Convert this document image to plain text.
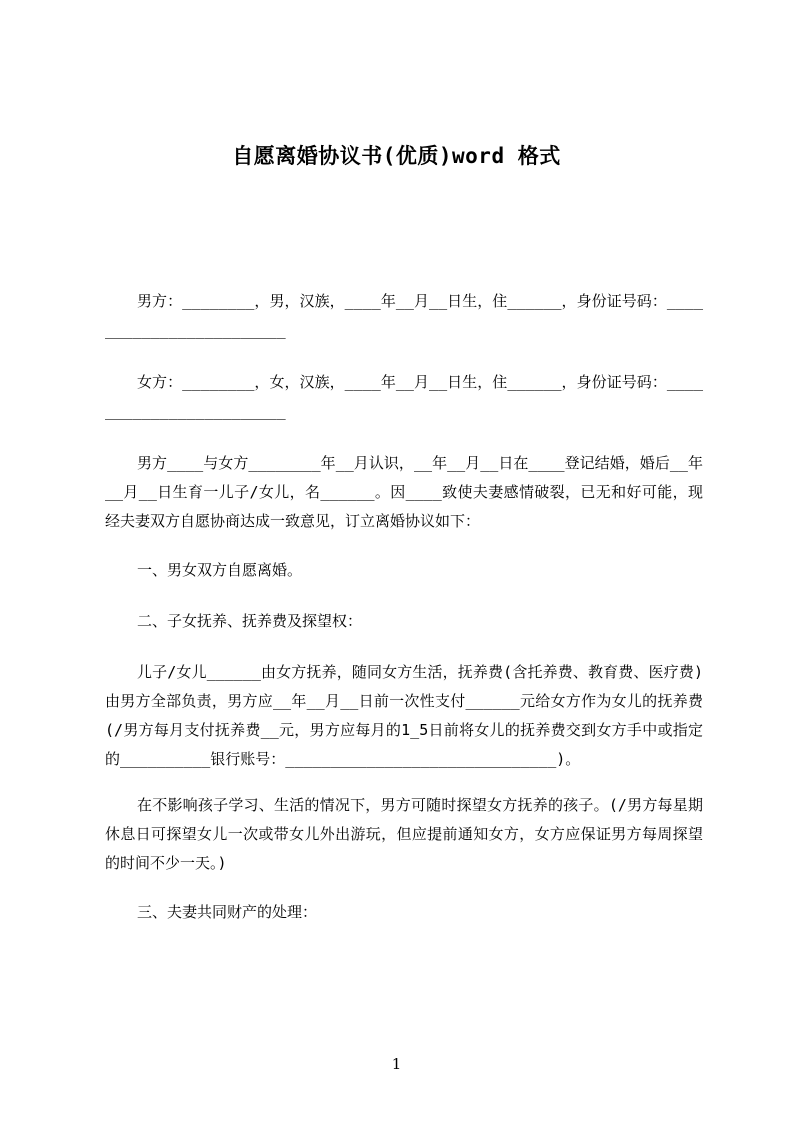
自愿离婚协议书(优质)word 格式
男方：________，男，汉族，____年__月__日生，住______，身份证号码：________________________
女方：________，女，汉族，____年__月__日生，住______，身份证号码：________________________
男方____与女方________年__月认识，__年__月__日在____登记结婚，婚后__年__月__日生育一儿子/女儿，名______。因____致使夫妻感情破裂，已无和好可能，现经夫妻双方自愿协商达成一致意见，订立离婚协议如下：
一、男女双方自愿离婚。
二、子女抚养、抚养费及探望权：
儿子/女儿______由女方抚养，随同女方生活，抚养费(含托养费、教育费、医疗费)由男方全部负责，男方应__年__月__日前一次性支付______元给女方作为女儿的抚养费(/男方每月支付抚养费__元，男方应每月的1_5日前将女儿的抚养费交到女方手中或指定的__________银行账号：______________________________)。
在不影响孩子学习、生活的情况下，男方可随时探望女方抚养的孩子。(/男方每星期休息日可探望女儿一次或带女儿外出游玩，但应提前通知女方，女方应保证男方每周探望的时间不少一天。)
三、夫妻共同财产的处理：
1
